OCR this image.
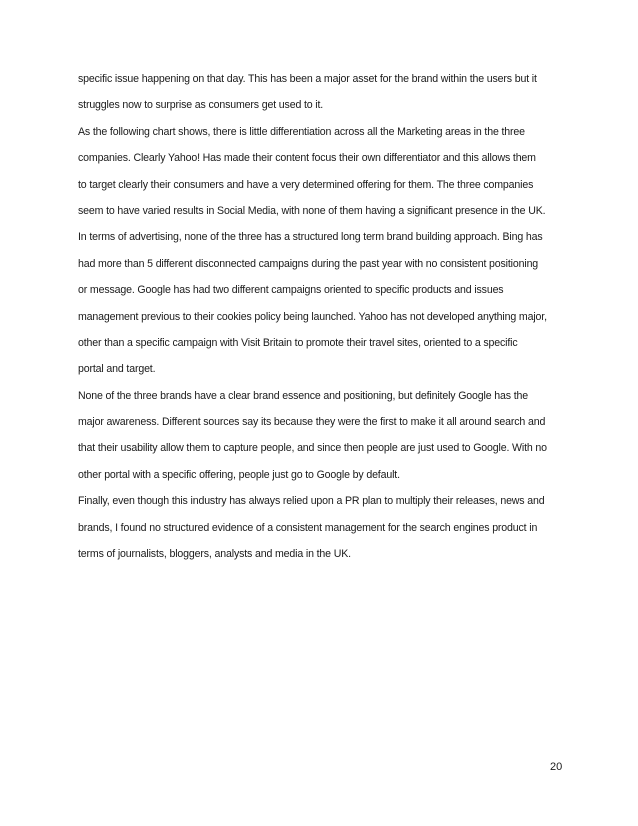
specific issue happening on that day. This has been a major asset for the brand within the users but it
struggles now to surprise as consumers get used to it.
As the following chart shows, there is little differentiation across all the Marketing areas in the three
companies. Clearly Yahoo! Has made their content focus their own differentiator and this allows them
to target clearly their consumers and have a very determined offering for them. The three companies
seem to have varied results in Social Media, with none of them having a significant presence in the UK.
In terms of advertising, none of the three has a structured long term brand building approach. Bing has
had more than 5 different disconnected campaigns during the past year with no consistent positioning
or message. Google has had two different campaigns oriented to specific products and issues
management previous to their cookies policy being launched. Yahoo has not developed anything major,
other than a specific campaign with Visit Britain to promote their travel sites, oriented to a specific
portal and target.
None of the three brands have a clear brand essence and positioning, but definitely Google has the
major awareness. Different sources say its because they were the first to make it all around search and
that their usability allow them to capture people, and since then people are just used to Google. With no
other portal with a specific offering, people just go to Google by default.
Finally, even though this industry has always relied upon a PR plan to multiply their releases, news and
brands, I found no structured evidence of a consistent management for the search engines product in
terms of journalists, bloggers, analysts and media in the UK.
20
